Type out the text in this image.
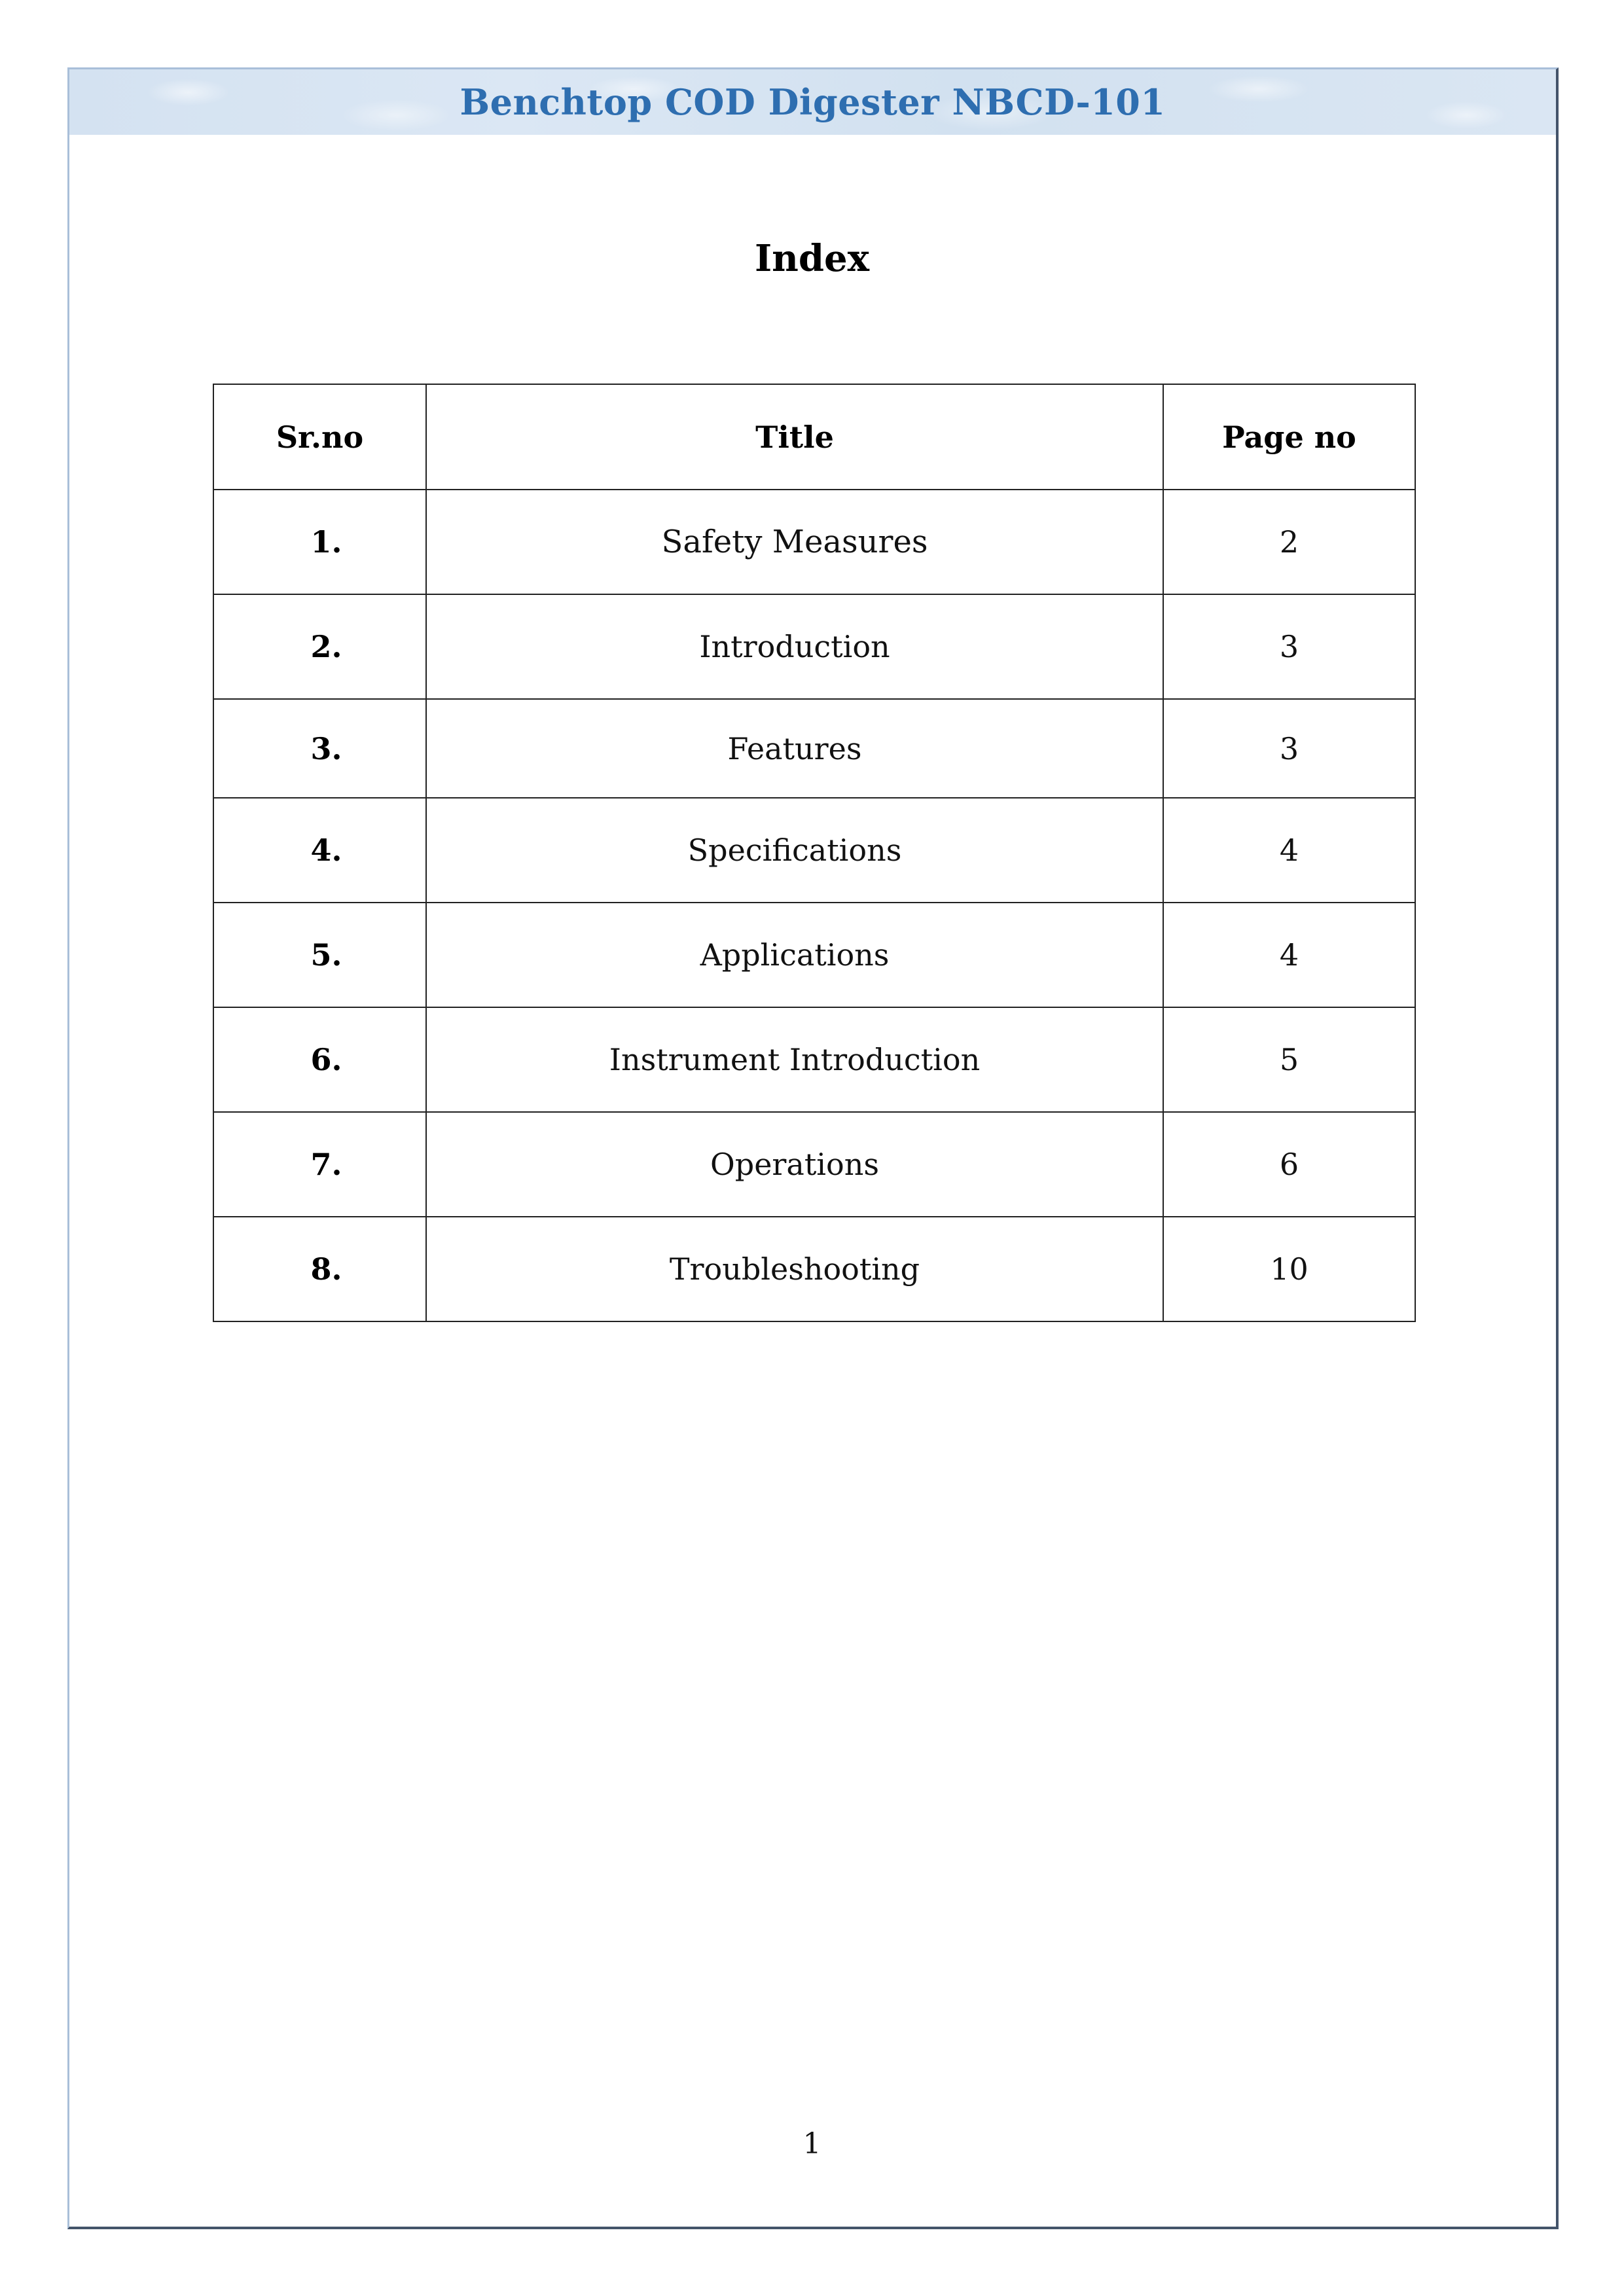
Benchtop COD Digester NBCD-101
Index
Sr.no	Title	Page no
1.	Safety Measures	2
2.	Introduction	3
3.	Features	3
4.	Specifications	4
5.	Applications	4
6.	Instrument Introduction	5
7.	Operations	6
8.	Troubleshooting	10
1
